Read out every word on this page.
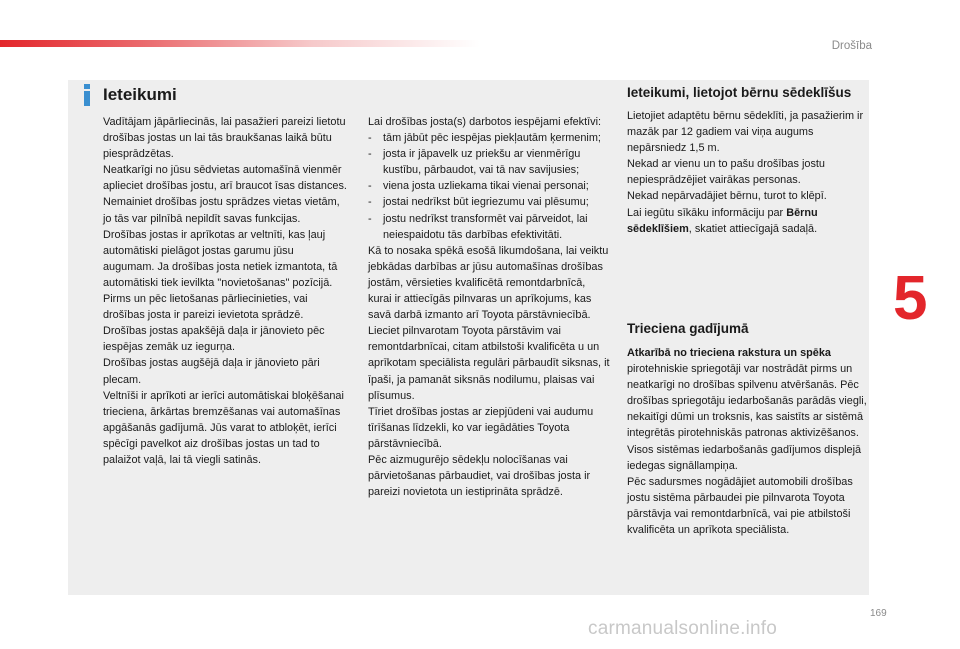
Drošība
5
Ieteikumi

Vadītājam jāpārliecinās, lai pasažieri pareizi lietotu drošības jostas un lai tās braukšanas laikā būtu piesprādzētas.

Neatkarīgi no jūsu sēdvietas automašīnā vienmēr aplieciet drošības jostu, arī braucot īsas distances.

Nemainiet drošības jostu sprādzes vietas vietām, jo tās var pilnībā nepildīt savas funkcijas.

Drošības jostas ir aprīkotas ar veltnīti, kas ļauj automātiski pielāgot jostas garumu jūsu augumam. Ja drošības josta netiek izmantota, tā automātiski tiek ievilkta "novietošanas" pozīcijā.

Pirms un pēc lietošanas pārliecinieties, vai drošības josta ir pareizi ievietota sprādzē.

Drošības jostas apakšējā daļa ir jānovieto pēc iespējas zemāk uz iegurņa.

Drošības jostas augšējā daļa ir jānovieto pāri plecam.

Veltnīši ir aprīkoti ar ierīci automātiskai bloķēšanai trieciena, ārkārtas bremzēšanas vai automašīnas apgāšanās gadījumā. Jūs varat to atbloķēt, ierīci spēcīgi pavelkot aiz drošības jostas un tad to palaižot vaļā, lai tā viegli satinās.

Lai drošības josta(s) darbotos iespējami efektīvi:

-	tām jābūt pēc iespējas piekļautām ķermenim;
-	josta ir jāpavelk uz priekšu ar vienmērīgu kustību, pārbaudot, vai tā nav savijusies;
-	viena josta uzliekama tikai vienai personai;
-	jostai nedrīkst būt iegriezumu vai plēsumu;
-	jostu nedrīkst transformēt vai pārveidot, lai neiespaidotu tās darbības efektivitāti.

Kā to nosaka spēkā esošā likumdošana, lai veiktu jebkādas darbības ar jūsu automašīnas drošības jostām, vērsieties kvalificētā remontdarbnīcā, kurai ir attiecīgās pilnvaras un aprīkojums, kas savā darbā izmanto arī Toyota pārstāvniecībā.

Lieciet pilnvarotam Toyota pārstāvim vai remontdarbnīcai, citam atbilstoši kvalificēta u un aprīkotam speciālista regulāri pārbaudīt siksnas, it īpaši, ja pamanāt siksnās nodilumu, plaisas vai plīsumus.

Tīriet drošības jostas ar ziepjūdeni vai audumu tīrīšanas līdzekli, ko var iegādāties Toyota pārstāvniecībā.

Pēc aizmugurējo sēdekļu nolocīšanas vai pārvietošanas pārbaudiet, vai drošības josta ir pareizi novietota un iestiprināta sprādzē.

Ieteikumi, lietojot bērnu sēdeklīšus

Lietojiet adaptētu bērnu sēdeklīti, ja pasažierim ir mazāk par 12 gadiem vai viņa augums nepārsniedz 1,5 m.

Nekad ar vienu un to pašu drošības jostu nepiesprādzējiet vairākas personas.

Nekad nepārvadājiet bērnu, turot to klēpī.

Lai iegūtu sīkāku informāciju par Bērnu sēdeklīšiem, skatiet attiecīgajā sadaļā.

Trieciena gadījumā

Atkarībā no trieciena rakstura un spēka pirotehniskie spriegotāji var nostrādāt pirms un neatkarīgi no drošības spilvenu atvēršanās. Pēc drošības spriegotāju iedarbošanās parādās viegli, nekaitīgi dūmi un troksnis, kas saistīts ar sistēmā integrētās pirotehniskās patronas aktivizēšanos.

Visos sistēmas iedarbošanās gadījumos displejā iedegas signāllampiņa.

Pēc sadursmes nogādājiet automobili drošības jostu sistēma pārbaudei pie pilnvarota Toyota pārstāvja vai remontdarbnīcā, vai pie atbilstoši kvalificēta un aprīkota speciālista.

169
carmanualsonline.info
